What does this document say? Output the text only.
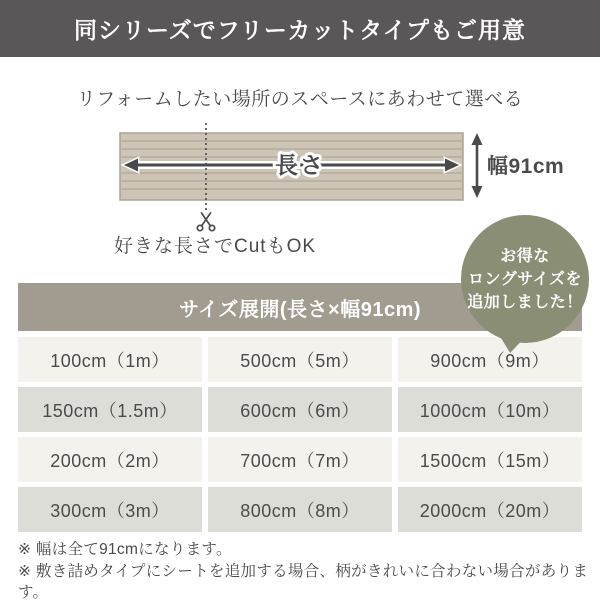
同シリーズでフリーカットタイプもご用意
リフォームしたい場所のスペースにあわせて選べる
長さ	幅91cm
好きな長さでCutもOK	お得な
ロングサイズを
追加しました！
サイズ展開(長さ×幅91cm)
100cm（1m）	500cm（5m）	900cm（9m）
150cm（1.5m）	600cm（6m）	1000cm（10m）
200cm（2m）	700cm（7m）	1500cm（15m）
300cm（3m）	800cm（8m）	2000cm（20m）

※ 幅は全て91cmになります。

※ 敷き詰めタイプにシートを追加する場合、柄がきれいに合わない場合があります。
